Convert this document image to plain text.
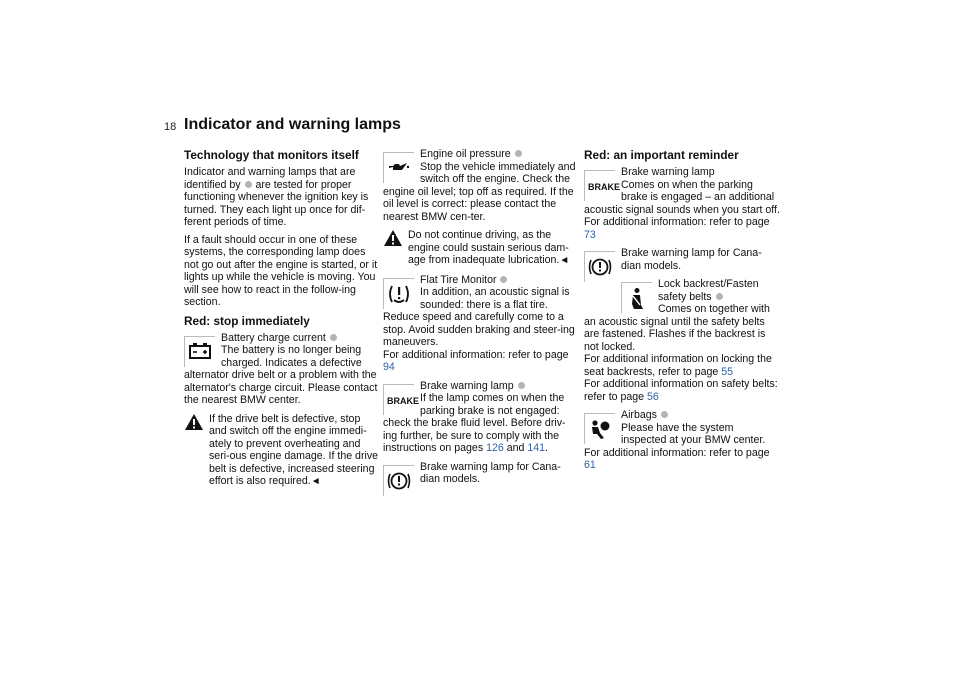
18 Indicator and warning lamps
Technology that monitors itself

Indicator and warning lamps that are identified by are tested for proper functioning whenever the ignition key is turned. They each light up once for dif-ferent periods of time.

If a fault should occur in one of these systems, the corresponding lamp does not go out after the engine is started, or it lights up while the vehicle is moving. You will see how to react in the follow-ing section.

Red: stop immediately
Battery charge current
The battery is no longer being charged. Indicates a defective alternator drive belt or a problem with the alternator's charge circuit. Please contact the nearest BMW center.
If the drive belt is defective, stop and switch off the engine immedi-ately to prevent overheating and seri-ous engine damage. If the drive belt is defective, increased steering effort is also required.◄
Engine oil pressure
Stop the vehicle immediately and switch off the engine. Check the engine oil level; top off as required. If the oil level is correct: please contact the nearest BMW cen-ter.
Do not continue driving, as the engine could sustain serious dam-age from inadequate lubrication.◄
Flat Tire Monitor
In addition, an acoustic signal is sounded: there is a flat tire. Reduce speed and carefully come to a stop. Avoid sudden braking and steer-ing maneuvers.
For additional information: refer to page 94
BRAKE
Brake warning lamp
If the lamp comes on when the parking brake is not engaged: check the brake fluid level. Before driv-ing further, be sure to comply with the instructions on pages 126 and 141.
Brake warning lamp for Cana-dian models.
Red: an important reminder
BRAKE
Brake warning lamp
Comes on when the parking brake is engaged – an additional acoustic signal sounds when you start off.
For additional information: refer to page 73
Brake warning lamp for Cana-dian models.
Lock backrest/Fasten safety belts
Comes on together with an acoustic signal until the safety belts are fastened. Flashes if the backrest is not locked.
For additional information on locking the seat backrests, refer to page 55
For additional information on safety belts: refer to page 56
Airbags
Please have the system inspected at your BMW center.
For additional information: refer to page 61
